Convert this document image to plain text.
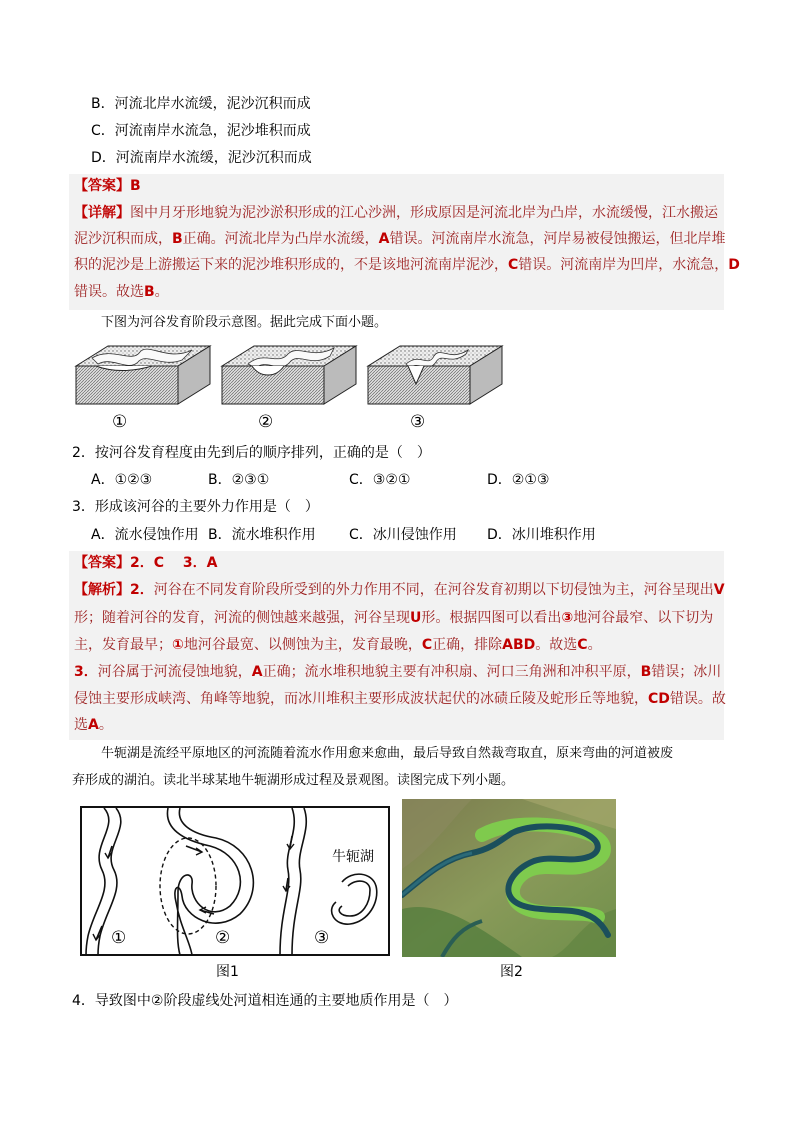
B．河流北岸水流缓，泥沙沉积而成
C．河流南岸水流急，泥沙堆积而成
D．河流南岸水流缓，泥沙沉积而成
【答案】B
【详解】图中月牙形地貌为泥沙淤积形成的江心沙洲，形成原因是河流北岸为凸岸，水流缓慢，江水搬运
泥沙沉积而成，B正确。河流北岸为凸岸水流缓，A错误。河流南岸水流急，河岸易被侵蚀搬运，但北岸堆
积的泥沙是上游搬运下来的泥沙堆积形成的，不是该地河流南岸泥沙，C错误。河流南岸为凹岸，水流急，D
错误。故选B。
下图为河谷发育阶段示意图。据此完成下面小题。
①	②	③
2．按河谷发育程度由先到后的顺序排列，正确的是（　）
A．①②③	B．②③①	C．③②①	D．②①③
3．形成该河谷的主要外力作用是（　）
A．流水侵蚀作用 B．流水堆积作用 C．冰川侵蚀作用 D．冰川堆积作用
【答案】2．C　 3．A
【解析】2．河谷在不同发育阶段所受到的外力作用不同，在河谷发育初期以下切侵蚀为主，河谷呈现出V
形；随着河谷的发育，河流的侧蚀越来越强，河谷呈现U形。根据四图可以看出③地河谷最窄、以下切为
主，发育最早；①地河谷最宽、以侧蚀为主，发育最晚，C正确，排除ABD。故选C。
3．河谷属于河流侵蚀地貌，A正确；流水堆积地貌主要有冲积扇、河口三角洲和冲积平原，B错误；冰川
侵蚀主要形成峡湾、角峰等地貌，而冰川堆积主要形成波状起伏的冰碛丘陵及蛇形丘等地貌，CD错误。故
选A。
牛轭湖是流经平原地区的河流随着流水作用愈来愈曲，最后导致自然裁弯取直，原来弯曲的河道被废
弃形成的湖泊。读北半球某地牛轭湖形成过程及景观图。读图完成下列小题。
牛轭湖
①	②	③
图1	图2
4．导致图中②阶段虚线处河道相连通的主要地质作用是（　）
